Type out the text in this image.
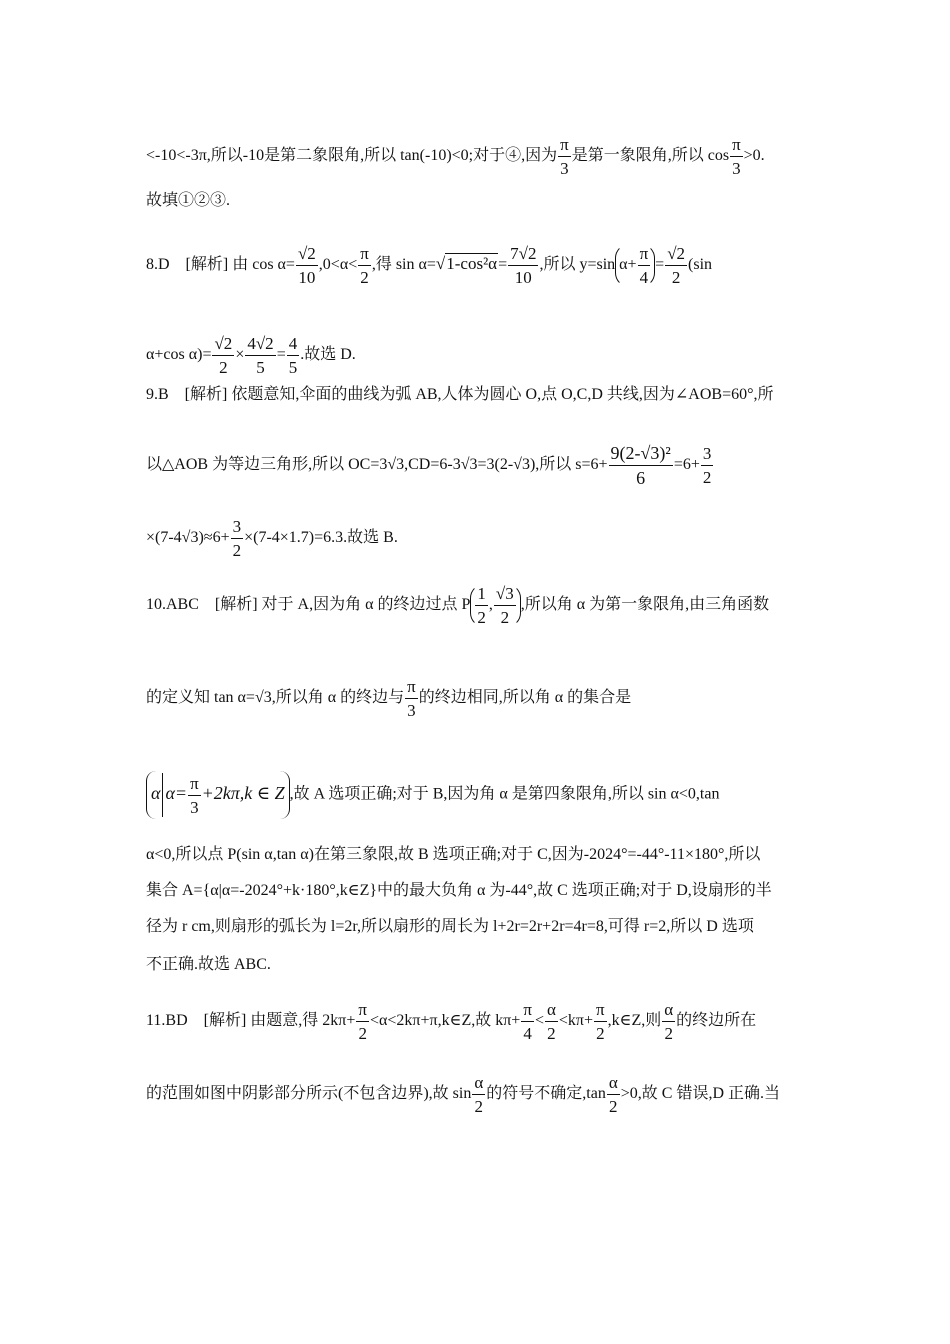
<-10<-3π,所以-10是第二象限角,所以 tan(-10)<0;对于④,因为 $\frac{\pi}{3}$ 是第一象限角,所以 $\cos \frac{\pi}{3} >0$.
故填①②③.
8.D　[解析] 由 $\cos \alpha= \frac{√2}{10} ,0<\alpha< \frac{\pi}{2}$ ,得 $\sin \alpha=√1-\cos^2\alpha= \frac{7√2}{10}$ ,所以 y=sin $\alpha+ \frac{\pi}{4} = \frac{√2}{2} (\sin$
α+cos $\alpha)= \frac{√2}{2} \times \frac{4√2}{5} = \frac{4}{5}$ .故选 D.
9.B　[解析] 依题意知,伞面的曲线为弧 AB,人体为圆心 O,点 O,C,D 共线,因为∠AOB=60°,所
以△AOB 为等边三角形,所以 OC=3√3,CD=6-3√3=3(2-√3),所以 $s=6+ \frac{\text{9(2-√3)²}}{6} =6+ \frac{3}{2}$
$\times(7-4√3)\approx 6+ \frac{3}{2} \times(7-4\times 1.7)=6.3$.故选 B.
10.ABC　[解析] 对于 A,因为角 α 的终边过点 P $\frac{1}{2}$ , $\frac{√3}{2}$ ,所以角 α 为第一象限角,由三角函数
的定义知 tan α=√3,所以角 α 的终边与 $\frac{\pi}{3}$ 的终边相同,所以角 α 的集合是
α $\alpha= \frac{\pi}{3} +2k\pi,k$ ∈ Z ,故 A 选项正确;对于 B,因为角 α 是第四象限角,所以 sin α<0,tan
α<0,所以点 P(sin α,tan α)在第三象限,故 B 选项正确;对于 C,因为-2024°=-44°-11×180°,所以
集合 A={α|α=-2024°+k·180°,k∈Z}中的最大负角 α 为-44°,故 C 选项正确;对于 D,设扇形的半
径为 r cm,则扇形的弧长为 l=2r,所以扇形的周长为 l+2r=2r+2r=4r=8,可得 r=2,所以 D 选项
不正确.故选 ABC.
11.BD　[解析] 由题意,得 $2k\pi+ \frac{\pi}{2}$ <α<2kπ+π,k∈Z,故 $k\pi+ \frac{\pi}{4} < \frac{\alpha}{2} <k\pi+ \frac{\pi}{2}$ ,k∈Z,则 $\frac{\alpha}{2}$ 的终边所在
的范围如图中阴影部分所示(不包含边界),故 $\sin \frac{\alpha}{2}$ 的符号不确定$,\tan \frac{\alpha}{2} >0$,故 C 错误,D 正确.当
